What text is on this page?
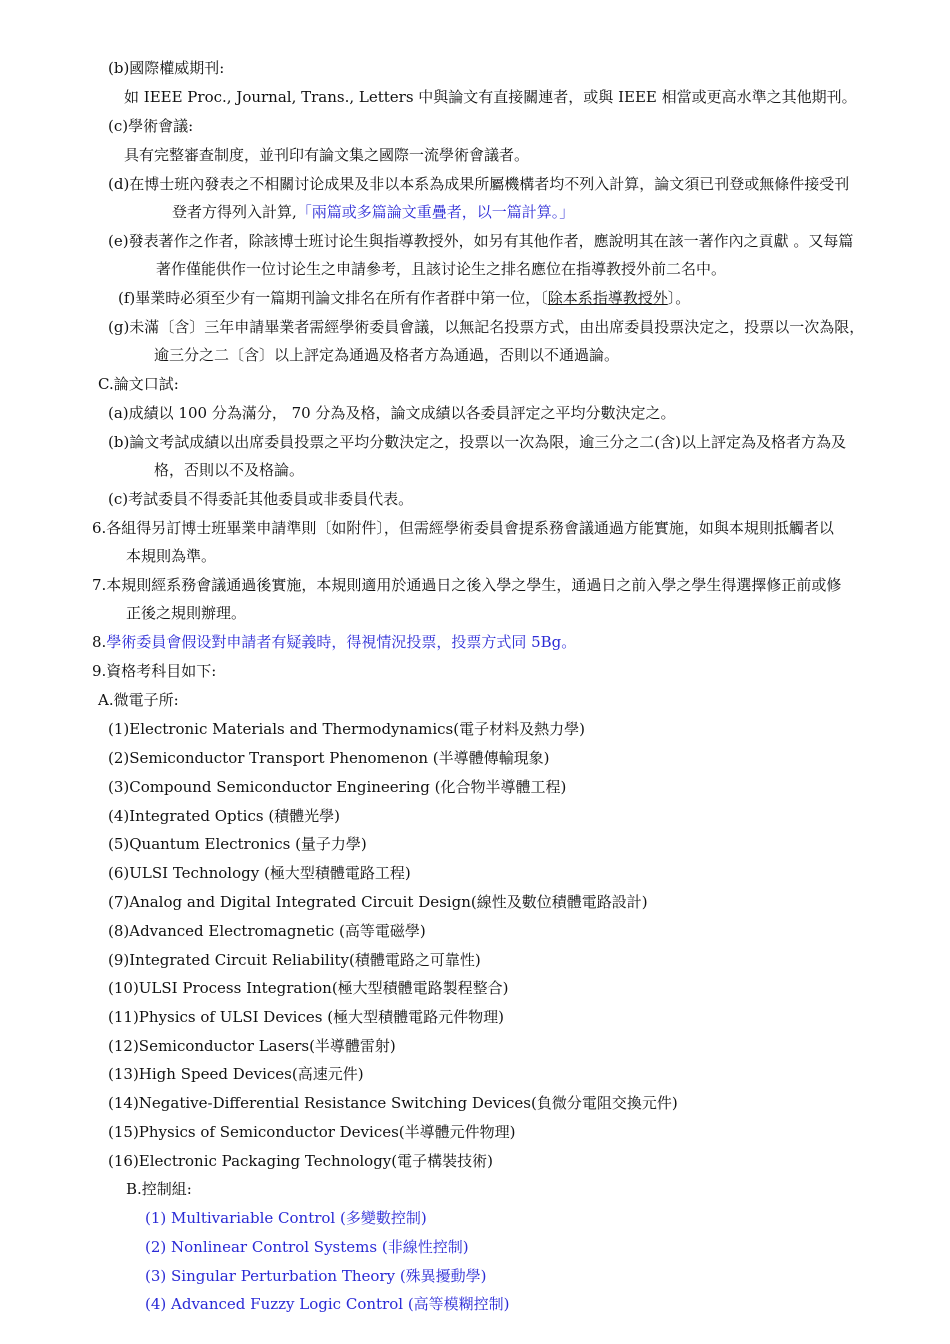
(b)國際權威期刊:
如 IEEE Proc., Journal, Trans., Letters 中與論文有直接關連者，或與 IEEE 相當或更高水準之其他期刊。
(c)學術會議:
具有完整審查制度，並刊印有論文集之國際一流學術會議者。
(d)在博士班內發表之不相關讨论成果及非以本系為成果所屬機構者均不列入計算，論文須已刊登或無條件接受刊
登者方得列入計算,「兩篇或多篇論文重疊者，以一篇計算。」
(e)發表著作之作者，除該博士班讨论生與指導教授外，如另有其他作者，應說明其在該一著作內之貢獻 。又每篇
著作僅能供作一位讨论生之申請參考，且該讨论生之排名應位在指導教授外前二名中。
(f)畢業時必須至少有一篇期刊論文排名在所有作者群中第一位，〔除本系指導教授外〕。
(g)未滿〔含〕三年申請畢業者需經學術委員會議，以無記名投票方式，由出席委員投票決定之，投票以一次為限，
逾三分之二〔含〕以上評定為通過及格者方為通過，否則以不通過論。
C.論文口試:
(a)成績以 100 分為滿分， 70 分為及格，論文成績以各委員評定之平均分數決定之。
(b)論文考試成績以出席委員投票之平均分數決定之，投票以一次為限，逾三分之二(含)以上評定為及格者方為及
格，否則以不及格論。
(c)考試委員不得委託其他委員或非委員代表。
6.各組得另訂博士班畢業申請準則〔如附件〕，但需經學術委員會提系務會議通過方能實施，如與本規則抵觸者以
本規則為準。
7.本規則經系務會議通過後實施，本規則適用於通過日之後入學之學生，通過日之前入學之學生得選擇修正前或修
正後之規則辦理。
8.學術委員會假设對申請者有疑義時，得視情況投票，投票方式同 5Bg。
9.資格考科目如下:
A.微電子所:
(1)Electronic Materials and Thermodynamics(電子材料及熱力學)
(2)Semiconductor Transport Phenomenon (半導體傳輸現象)
(3)Compound Semiconductor Engineering (化合物半導體工程)
(4)Integrated Optics (積體光學)
(5)Quantum Electronics (量子力學)
(6)ULSI Technology (極大型積體電路工程)
(7)Analog and Digital Integrated Circuit Design(線性及數位積體電路設計)
(8)Advanced Electromagnetic (高等電磁學)
(9)Integrated Circuit Reliability(積體電路之可靠性)
(10)ULSI Process Integration(極大型積體電路製程整合)
(11)Physics of ULSI Devices (極大型積體電路元件物理)
(12)Semiconductor Lasers(半導體雷射)
(13)High Speed Devices(高速元件)
(14)Negative-Differential Resistance Switching Devices(負微分電阻交換元件)
(15)Physics of Semiconductor Devices(半導體元件物理)
(16)Electronic Packaging Technology(電子構裝技術)
B.控制組:
(1) Multivariable Control (多變數控制)
(2) Nonlinear Control Systems (非線性控制)
(3) Singular Perturbation Theory (殊異擾動學)
(4) Advanced Fuzzy Logic Control (高等模糊控制)
